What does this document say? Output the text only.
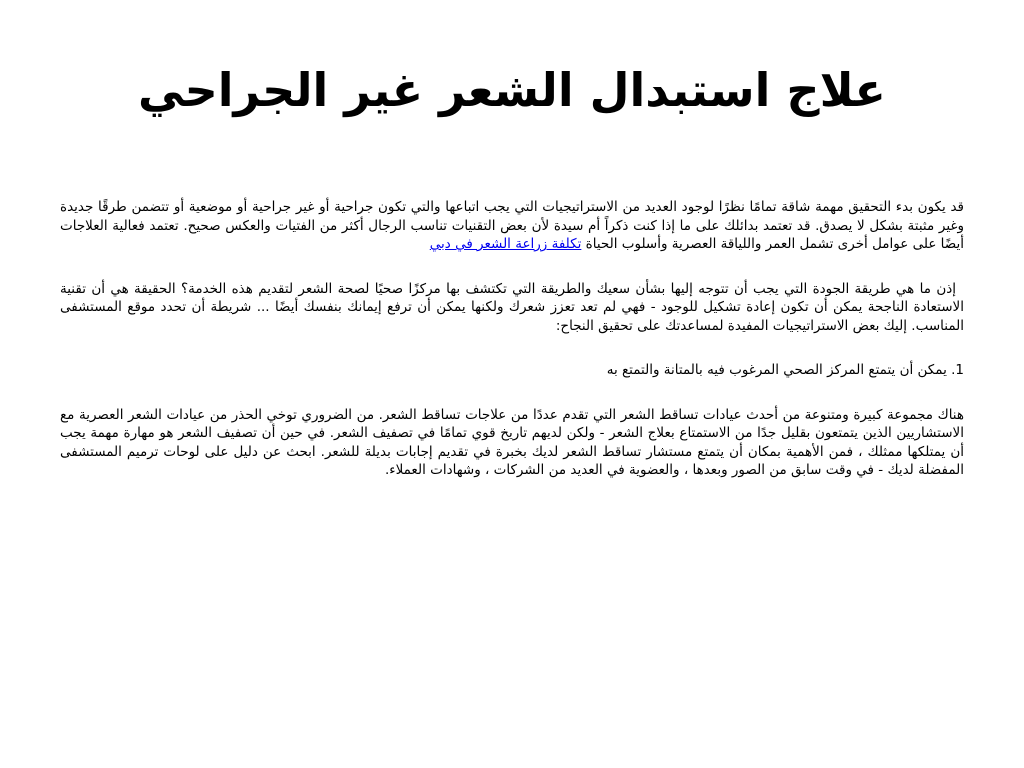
علاج استبدال الشعر غير الجراحي

قد يكون بدء التحقيق مهمة شاقة تمامًا نظرًا لوجود العديد من الاستراتيجيات التي يجب اتباعها والتي تكون جراحية أو غير جراحية أو موضعية أو تتضمن طرقًا جديدة وغير مثبتة بشكل لا يصدق. قد تعتمد بدائلك على ما إذا كنت ذكراً أم سيدة لأن بعض التقنيات تناسب الرجال أكثر من الفتيات والعكس صحيح. تعتمد فعالية العلاجات أيضًا على عوامل أخرى تشمل العمر واللياقة العصرية وأسلوب الحياة تكلفة زراعة الشعر في دبي

إذن ما هي طريقة الجودة التي يجب أن تتوجه إليها بشأن سعيك والطريقة التي تكتشف بها مركزًا صحيًا لصحة الشعر لتقديم هذه الخدمة؟ الحقيقة هي أن تقنية الاستعادة الناجحة يمكن أن تكون إعادة تشكيل للوجود - فهي لم تعد تعزز شعرك ولكنها يمكن أن ترفع إيمانك بنفسك أيضًا ... شريطة أن تحدد موقع المستشفى المناسب. إليك بعض الاستراتيجيات المفيدة لمساعدتك على تحقيق النجاح:

1. يمكن أن يتمتع المركز الصحي المرغوب فيه بالمتانة والتمتع به

هناك مجموعة كبيرة ومتنوعة من أحدث عيادات تساقط الشعر التي تقدم عددًا من علاجات تساقط الشعر. من الضروري توخي الحذر من عيادات الشعر العصرية مع الاستشاريين الذين يتمتعون بقليل جدًا من الاستمتاع بعلاج الشعر - ولكن لديهم تاريخ قوي تمامًا في تصفيف الشعر. في حين أن تصفيف الشعر هو مهارة مهمة يجب أن يمتلكها ممثلك ، فمن الأهمية بمكان أن يتمتع مستشار تساقط الشعر لديك بخبرة في تقديم إجابات بديلة للشعر. ابحث عن دليل على لوحات ترميم المستشفى المفضلة لديك - في وقت سابق من الصور وبعدها ، والعضوية في العديد من الشركات ، وشهادات العملاء.
